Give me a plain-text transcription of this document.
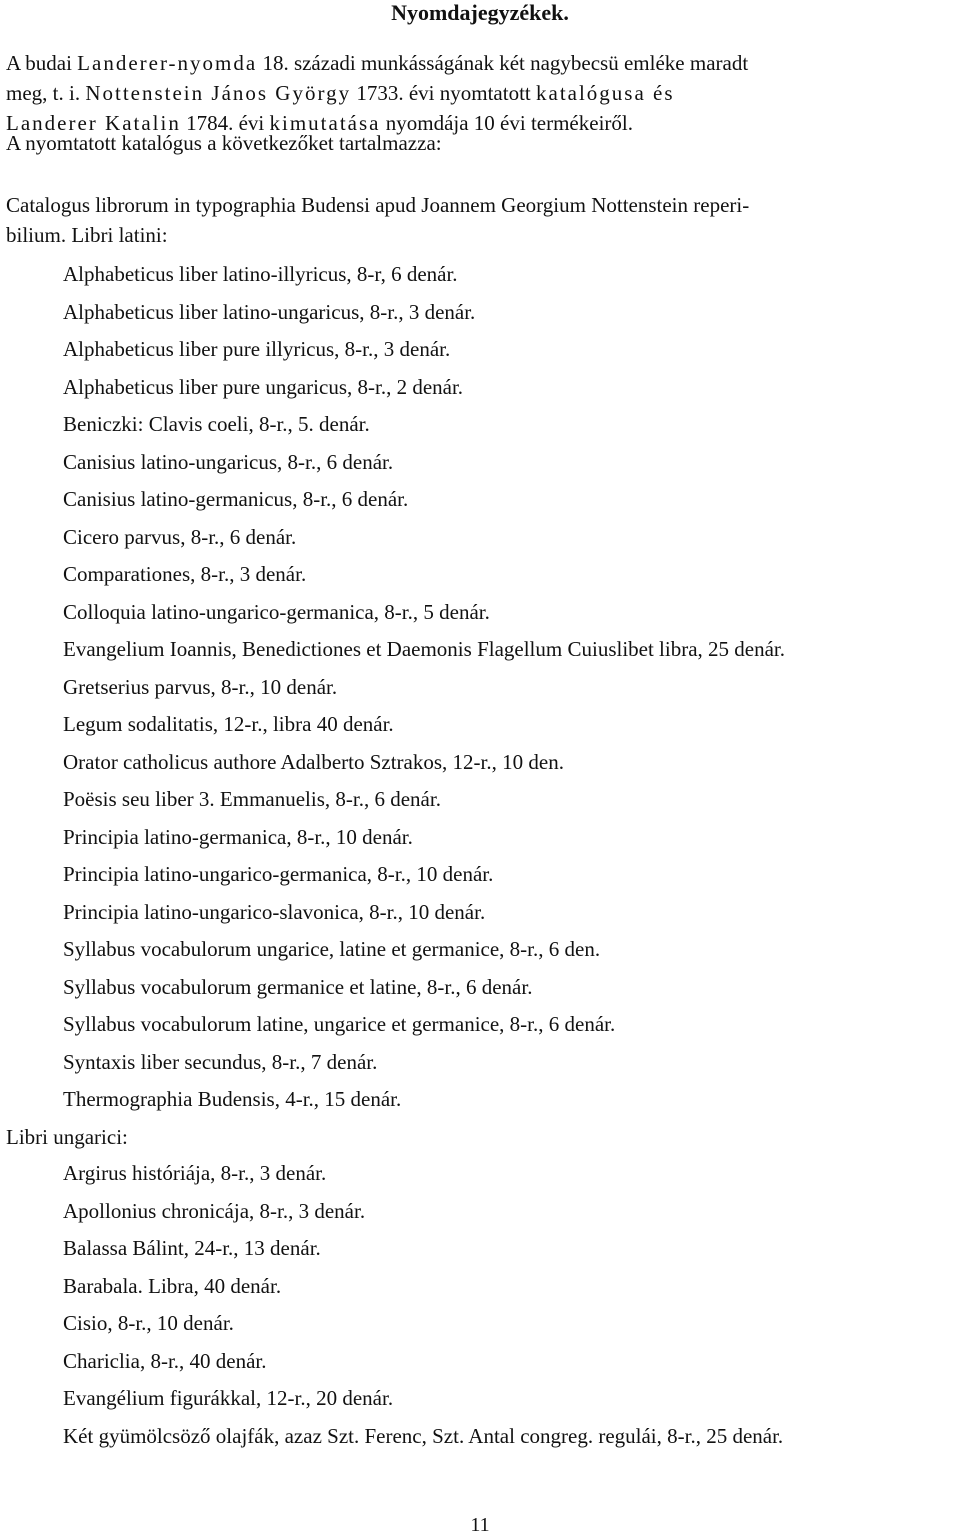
Nyomdajegyzékek.
A budai Landerer-nyomda 18. századi munkásságának két nagybecsü emléke maradt
meg, t. i. Nottenstein János György 1733. évi nyomtatott katalógusa és
Landerer Katalin 1784. évi kimutatása nyomdája 10 évi termékeiről.
A nyomtatott katalógus a következőket tartalmazza:
Catalogus librorum in typographia Budensi apud Joannem Georgium Nottenstein reperi-
bilium. Libri latini:
Alphabeticus liber latino-illyricus, 8-r, 6 denár.
Alphabeticus liber latino-ungaricus, 8-r., 3 denár.
Alphabeticus liber pure illyricus, 8-r., 3 denár.
Alphabeticus liber pure ungaricus, 8-r., 2 denár.
Beniczki: Clavis coeli, 8-r., 5. denár.
Canisius latino-ungaricus, 8-r., 6 denár.
Canisius latino-germanicus, 8-r., 6 denár.
Cicero parvus, 8-r., 6 denár.
Comparationes, 8-r., 3 denár.
Colloquia latino-ungarico-germanica, 8-r., 5 denár.
Evangelium Ioannis, Benedictiones et Daemonis Flagellum Cuiuslibet libra, 25 denár.
Gretserius parvus, 8-r., 10 denár.
Legum sodalitatis, 12-r., libra 40 denár.
Orator catholicus authore Adalberto Sztrakos, 12-r., 10 den.
Poësis seu liber 3. Emmanuelis, 8-r., 6 denár.
Principia latino-germanica, 8-r., 10 denár.
Principia latino-ungarico-germanica, 8-r., 10 denár.
Principia latino-ungarico-slavonica, 8-r., 10 denár.
Syllabus vocabulorum ungarice, latine et germanice, 8-r., 6 den.
Syllabus vocabulorum germanice et latine, 8-r., 6 denár.
Syllabus vocabulorum latine, ungarice et germanice, 8-r., 6 denár.
Syntaxis liber secundus, 8-r., 7 denár.
Thermographia Budensis, 4-r., 15 denár.
Libri ungarici:
Argirus históriája, 8-r., 3 denár.
Apollonius chronicája, 8-r., 3 denár.
Balassa Bálint, 24-r., 13 denár.
Barabala. Libra, 40 denár.
Cisio, 8-r., 10 denár.
Chariclia, 8-r., 40 denár.
Evangélium figurákkal, 12-r., 20 denár.
Két gyümölcsöző olajfák, azaz Szt. Ferenc, Szt. Antal congreg. regulái, 8-r., 25 denár.
11
